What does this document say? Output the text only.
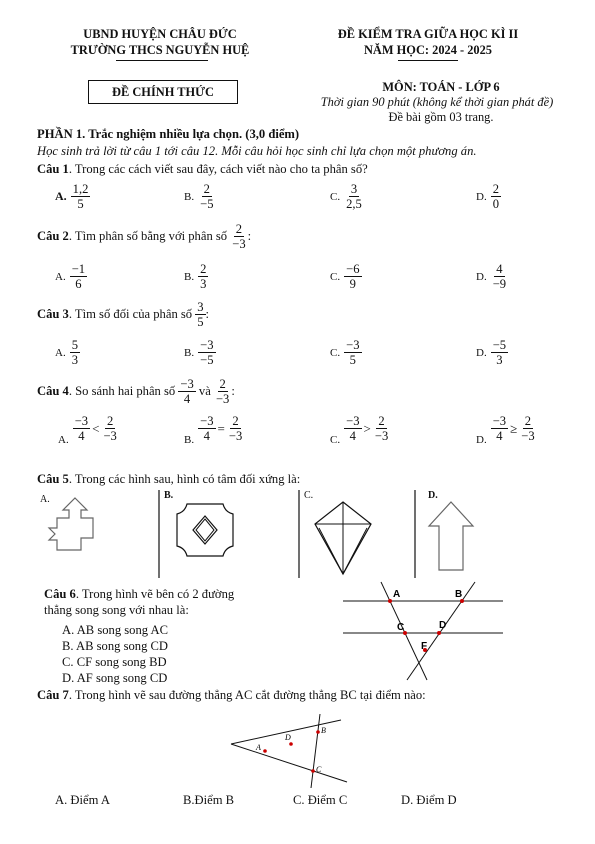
UBND HUYỆN CHÂU ĐỨC
TRƯỜNG THCS NGUYỄN HUỆ
ĐỀ KIỂM TRA GIỮA HỌC KÌ II
NĂM HỌC: 2024 - 2025
ĐỀ CHÍNH THỨC	MÔN: TOÁN - LỚP 6
Thời gian 90 phút (không kể thời gian phát đề)
Đề bài gồm 03 trang.
PHẦN 1. Trắc nghiệm nhiều lựa chọn. (3,0 điểm)
Học sinh trả lời từ câu 1 tới câu 12. Mỗi câu hỏi học sinh chỉ lựa chọn một phương án.
Câu 1. Trong các cách viết sau đây, cách viết nào cho ta phân số?
A. $\frac{1,2}{5}$	B. $\frac{2}{-5}$	C. $\frac{3}{2,5}$	D. $\frac{2}{0}$
Câu 2 . Tìm phân số bằng với phân số
$\frac{2}{-3}$ :
A. $\frac{-1}{6}$	B. $\frac{2}{3}$	C. $\frac{-6}{9}$	D. $\frac{4}{-9}$
Câu 3 . Tìm số đối của phân số
$\frac{3}{5}$ :
A. $\frac{5}{3}$	B. $\frac{-3}{-5}$	C. $\frac{-3}{5}$	D. $\frac{-5}{3}$
Câu 4 . So sánh hai phân số
$\frac{-3}{4}$
và
$\frac{2}{-3}$ :
A. $\frac{-3}{4} < \frac{2}{-3}$	B. $\frac{-3}{4} = \frac{2}{-3}$	C. $\frac{-3}{4} > \frac{2}{-3}$	D. $\frac{-3}{4} \ge \frac{2}{-3}$
Câu 5. Trong các hình sau, hình có tâm đối xứng là:
A.	B.	C.	D.
Câu 6. Trong hình vẽ bên có 2 đường
thẳng song song với nhau là:
A. AB song song AC
B. AB song song CD
C. CF song song BD
D. AF song song CD
A	B
C	D
F
Câu 7. Trong hình vẽ sau đường thẳng AC cắt đường thẳng BC tại điểm nào:
A
D
B
C
A. Điểm A	B.Điểm B	C. Điểm C	D. Điểm D
